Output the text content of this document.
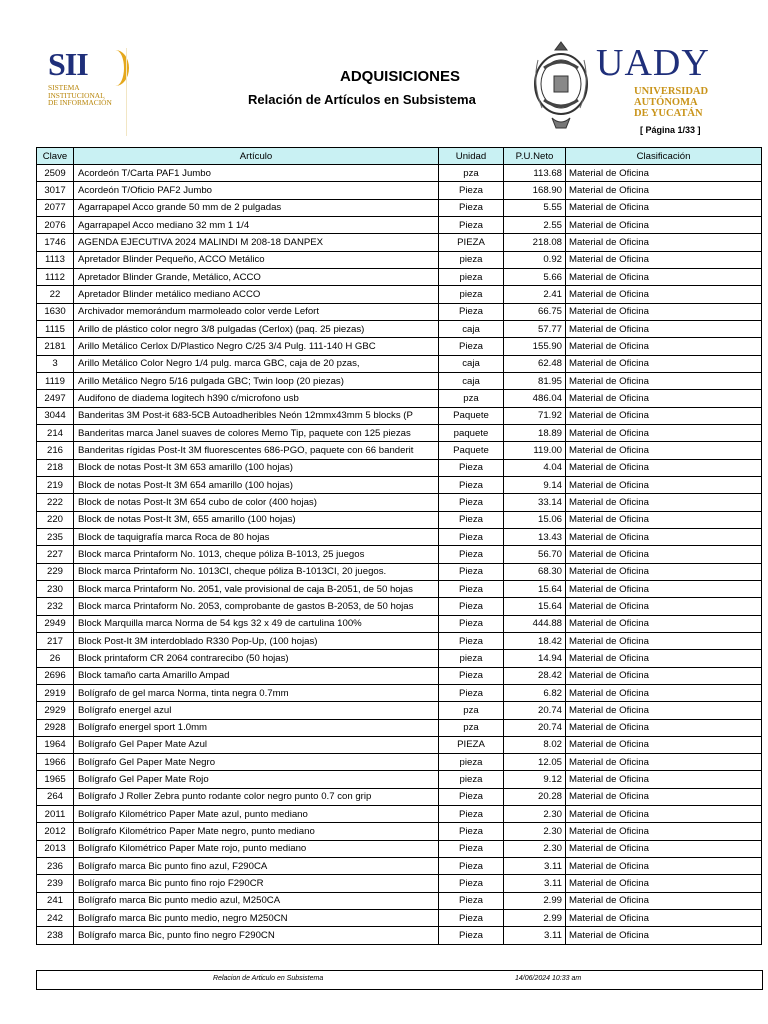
SII
SISTEMA
INSTITUCIONAL
DE INFORMACIÓN
ADQUISICIONES
Relación de Artículos en Subsistema
UADY
UNIVERSIDAD
AUTÓNOMA
DE YUCATÁN
[ Página 1/33 ]
Clave	Artículo	Unidad	P.U.Neto	Clasificación
2509	Acordeón T/Carta PAF1 Jumbo	pza	113.68	Material de Oficina
3017	Acordeón T/Oficio PAF2 Jumbo	Pieza	168.90	Material de Oficina
2077	Agarrapapel Acco grande 50 mm de 2 pulgadas	Pieza	5.55	Material de Oficina
2076	Agarrapapel Acco mediano 32 mm 1 1/4	Pieza	2.55	Material de Oficina
1746	AGENDA EJECUTIVA 2024 MALINDI M 208-18 DANPEX	PIEZA	218.08	Material de Oficina
1113	Apretador Blinder Pequeño, ACCO Metálico	pieza	0.92	Material de Oficina
1112	Apretador Blinder Grande, Metálico, ACCO	pieza	5.66	Material de Oficina
22	Apretador Blinder metálico mediano ACCO	pieza	2.41	Material de Oficina
1630	Archivador memorándum marmoleado color verde Lefort	Pieza	66.75	Material de Oficina
1115	Arillo de plástico color negro 3/8 pulgadas (Cerlox) (paq. 25 piezas)	caja	57.77	Material de Oficina
2181	Arillo Metálico Cerlox D/Plastico Negro C/25 3/4 Pulg. 111-140 H GBC	Pieza	155.90	Material de Oficina
3	Arillo Metálico Color Negro 1/4 pulg. marca GBC, caja de 20 pzas,	caja	62.48	Material de Oficina
1119	Arillo Metálico Negro 5/16 pulgada GBC; Twin loop (20 piezas)	caja	81.95	Material de Oficina
2497	Audifono de diadema logitech h390 c/microfono usb	pza	486.04	Material de Oficina
3044	Banderitas 3M Post-it 683-5CB Autoadheribles Neón 12mmx43mm 5 blocks (P	Paquete	71.92	Material de Oficina
214	Banderitas marca Janel suaves de colores Memo Tip, paquete con 125 piezas	paquete	18.89	Material de Oficina
216	Banderitas rígidas Post-It 3M fluorescentes 686-PGO, paquete con 66 banderit	Paquete	119.00	Material de Oficina
218	Block de notas Post-It 3M 653 amarillo (100 hojas)	Pieza	4.04	Material de Oficina
219	Block de notas Post-It 3M 654 amarillo (100 hojas)	Pieza	9.14	Material de Oficina
222	Block de notas Post-It 3M 654 cubo de color (400 hojas)	Pieza	33.14	Material de Oficina
220	Block de notas Post-It 3M, 655 amarillo (100 hojas)	Pieza	15.06	Material de Oficina
235	Block de taquigrafía marca Roca de 80 hojas	Pieza	13.43	Material de Oficina
227	Block marca Printaform No. 1013, cheque póliza B-1013, 25 juegos	Pieza	56.70	Material de Oficina
229	Block marca Printaform No. 1013CI, cheque póliza B-1013CI, 20 juegos.	Pieza	68.30	Material de Oficina
230	Block marca Printaform No. 2051, vale provisional de caja B-2051, de 50 hojas	Pieza	15.64	Material de Oficina
232	Block marca Printaform No. 2053, comprobante de gastos B-2053, de 50 hojas	Pieza	15.64	Material de Oficina
2949	Block Marquilla marca Norma de 54 kgs 32 x 49 de cartulina 100%	Pieza	444.88	Material de Oficina
217	Block Post-It 3M interdoblado R330 Pop-Up, (100 hojas)	Pieza	18.42	Material de Oficina
26	Block printaform CR 2064 contrarecibo (50 hojas)	pieza	14.94	Material de Oficina
2696	Block tamaño carta Amarillo Ampad	Pieza	28.42	Material de Oficina
2919	Bolígrafo de gel marca Norma, tinta negra 0.7mm	Pieza	6.82	Material de Oficina
2929	Bolígrafo energel azul	pza	20.74	Material de Oficina
2928	Bolígrafo energel sport 1.0mm	pza	20.74	Material de Oficina
1964	Bolígrafo Gel Paper Mate Azul	PIEZA	8.02	Material de Oficina
1966	Bolígrafo Gel Paper Mate Negro	pieza	12.05	Material de Oficina
1965	Bolígrafo Gel Paper Mate Rojo	pieza	9.12	Material de Oficina
264	Bolígrafo J Roller Zebra punto rodante color negro punto 0.7 con grip	Pieza	20.28	Material de Oficina
2011	Bolígrafo Kilométrico Paper Mate azul, punto mediano	Pieza	2.30	Material de Oficina
2012	Bolígrafo Kilométrico Paper Mate negro, punto mediano	Pieza	2.30	Material de Oficina
2013	Bolígrafo Kilométrico Paper Mate rojo, punto mediano	Pieza	2.30	Material de Oficina
236	Bolígrafo marca Bic punto fino azul, F290CA	Pieza	3.11	Material de Oficina
239	Bolígrafo marca Bic punto fino rojo F290CR	Pieza	3.11	Material de Oficina
241	Bolígrafo marca Bic punto medio azul, M250CA	Pieza	2.99	Material de Oficina
242	Bolígrafo marca Bic punto medio, negro M250CN	Pieza	2.99	Material de Oficina
238	Bolígrafo marca Bic, punto fino negro F290CN	Pieza	3.11	Material de Oficina
Relacion de Articulo en Subsistema	14/06/2024 10:33 am
